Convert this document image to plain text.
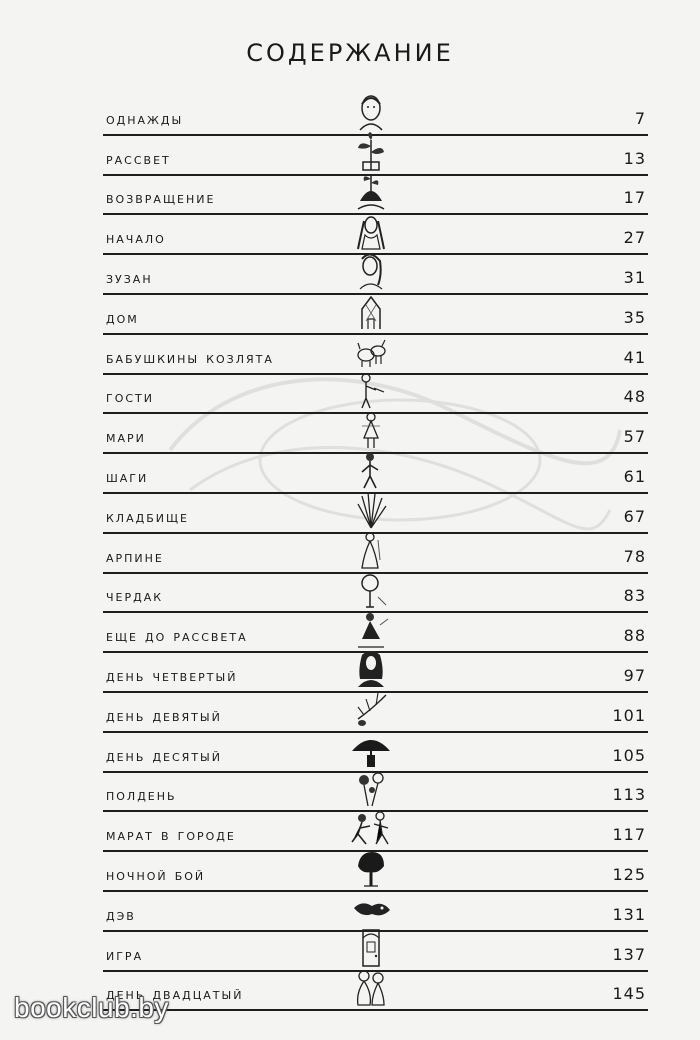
содержание
однажды	7
рассвет	13
возвращение	17
начало	27
зузан	31
дом	35
бабушкины козлята	41
гости	48
мари	57
шаги	61
кладбище	67
арпине	78
чердак	83
еще до рассвета	88
день четвертый	97
день девятый	101
день десятый	105
полдень	113
марат в городе	117
ночной бой	125
дэв	131
игра	137
день двадцатый	145
bookclub.by
